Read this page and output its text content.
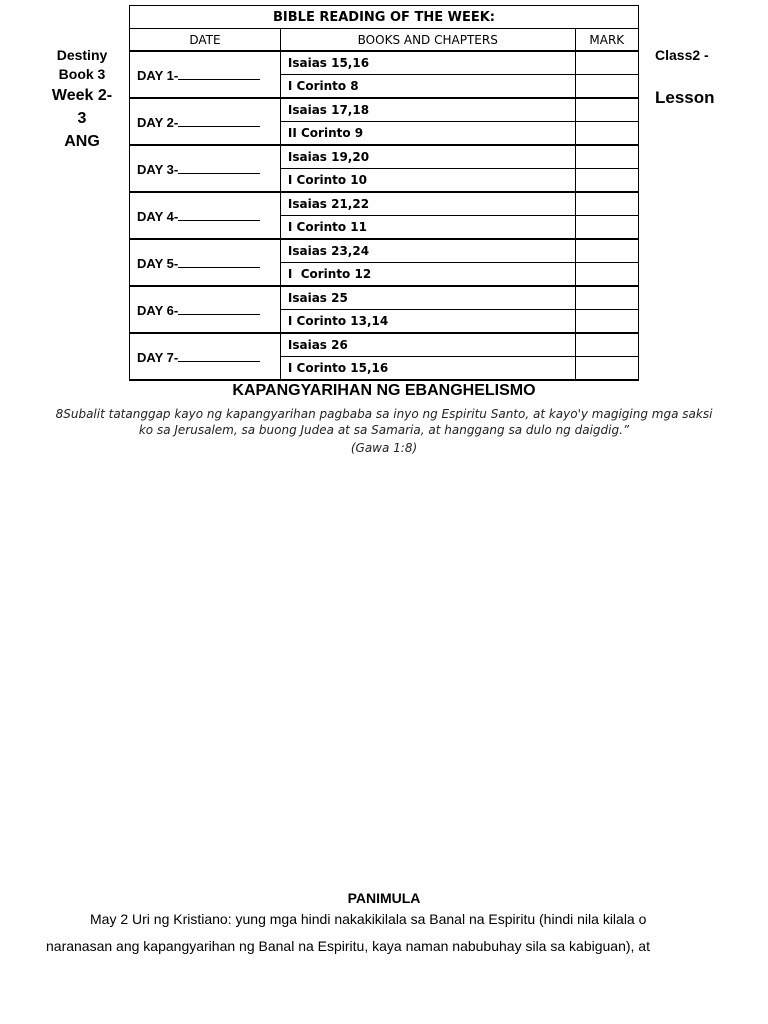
Destiny
Book 3
Week 2-
3
ANG
Class2 -
Lesson
BIBLE READING OF THE WEEK:		
DATE	BOOKS AND CHAPTERS	MARK
DAY 1-	Isaias 15,16	
	I Corinto 8	
DAY 2-	Isaias 17,18	
	II Corinto 9	
DAY 3-	Isaias 19,20	
	I Corinto 10	
DAY 4-	Isaias 21,22	
	I Corinto 11	
DAY 5-	Isaias 23,24	
	I  Corinto 12	
DAY 6-	Isaias 25	
	I Corinto 13,14	
DAY 7-	Isaias 26	
	I Corinto 15,16	
KAPANGYARIHAN NG EBANGHELISMO
8Subalit tatanggap kayo ng kapangyarihan pagbaba sa inyo ng Espiritu Santo, at kayo'y magiging mga saksi ko sa Jerusalem, sa buong Judea at sa Samaria, at hanggang sa dulo ng daigdig.”
(Gawa 1:8)
PANIMULA
May 2 Uri ng Kristiano: yung mga hindi nakakikilala sa Banal na Espiritu (hindi nila kilala o
naranasan ang kapangyarihan ng Banal na Espiritu, kaya naman nabubuhay sila sa kabiguan), at
